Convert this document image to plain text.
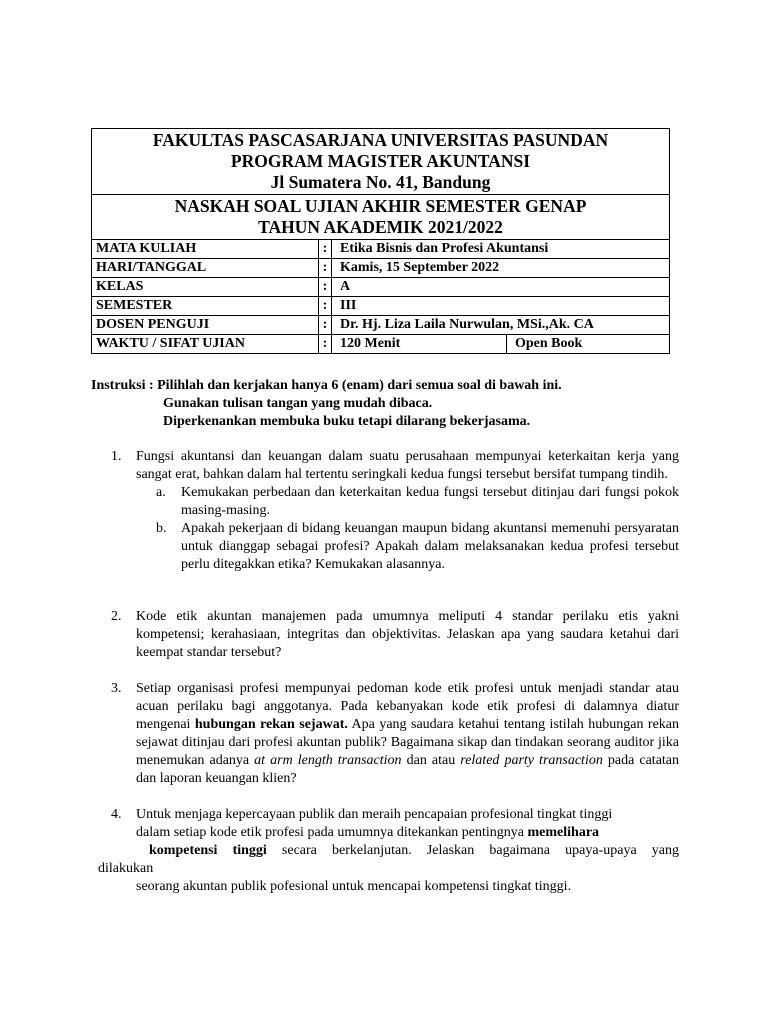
FAKULTAS PASCASARJANA UNIVERSITAS PASUNDAN
PROGRAM MAGISTER AKUNTANSI
Jl Sumatera No. 41, Bandung
NASKAH SOAL UJIAN AKHIR SEMESTER GENAP
TAHUN AKADEMIK 2021/2022
MATA KULIAH	:	Etika Bisnis dan Profesi Akuntansi	
HARI/TANGGAL	:	Kamis, 15 September 2022	
KELAS	:	A	
SEMESTER	:	III	
DOSEN PENGUJI	:	Dr. Hj. Liza Laila Nurwulan, MSi.,Ak. CA	
WAKTU / SIFAT UJIAN	:	120 Menit	Open Book
Instruksi : Pilihlah dan kerjakan hanya 6 (enam) dari semua soal di bawah ini.
Gunakan tulisan tangan yang mudah dibaca.
Diperkenankan membuka buku tetapi dilarang bekerjasama.
1.	Fungsi akuntansi dan keuangan dalam suatu perusahaan mempunyai keterkaitan kerja yang sangat erat, bahkan dalam hal tertentu seringkali kedua fungsi tersebut bersifat tumpang tindih.
a. Kemukakan perbedaan dan keterkaitan kedua fungsi tersebut ditinjau dari fungsi pokok masing-masing.
b. Apakah pekerjaan di bidang keuangan maupun bidang akuntansi memenuhi persyaratan untuk dianggap sebagai profesi? Apakah dalam melaksanakan kedua profesi tersebut perlu ditegakkan etika? Kemukakan alasannya.
2.	Kode etik akuntan manajemen pada umumnya meliputi 4 standar perilaku etis yakni kompetensi; kerahasiaan, integritas dan objektivitas. Jelaskan apa yang saudara ketahui dari keempat standar tersebut?
3.	Setiap organisasi profesi mempunyai pedoman kode etik profesi untuk menjadi standar atau acuan perilaku bagi anggotanya. Pada kebanyakan kode etik profesi di dalamnya diatur mengenai hubungan rekan sejawat. Apa yang saudara ketahui tentang istilah hubungan rekan sejawat ditinjau dari profesi akuntan publik? Bagaimana sikap dan tindakan seorang auditor jika menemukan adanya at arm length transaction dan atau related party transaction pada catatan dan laporan keuangan klien?
4.	Untuk menjaga kepercayaan publik dan meraih pencapaian profesional tingkat tinggi
dalam setiap kode etik profesi pada umumnya ditekankan pentingnya memelihara
kompetensi tinggi secara berkelanjutan. Jelaskan bagaimana upaya-upaya yang
dilakukan
seorang akuntan publik pofesional untuk mencapai kompetensi tingkat tinggi.
